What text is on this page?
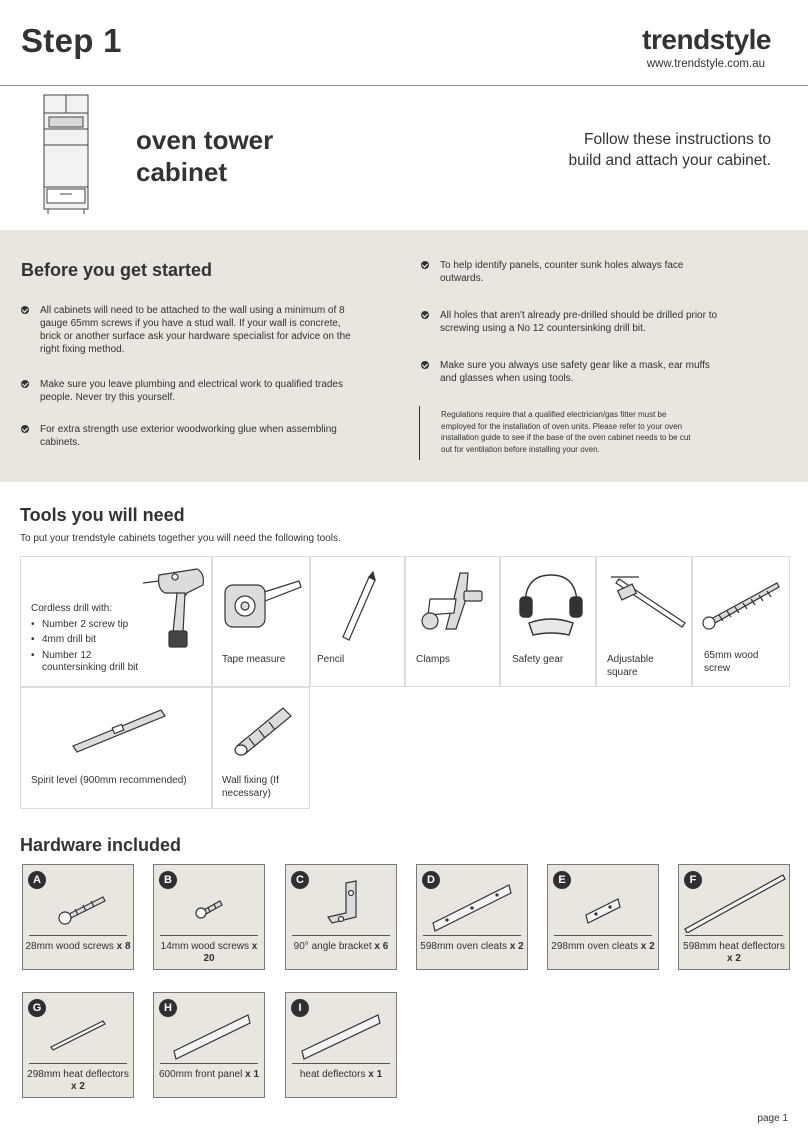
Step 1	trendstyle
www.trendstyle.com.au
oven tower
cabinet
Follow these instructions to
build and attach your cabinet.
Before you get started
All cabinets will need to be attached to the wall using a minimum of 8 gauge 65mm screws if you have a stud wall. If your wall is concrete, brick or another surface ask your hardware specialist for advice on the right fixing method.
Make sure you leave plumbing and electrical work to qualified trades people. Never try this yourself.
For extra strength use exterior woodworking glue when assembling cabinets.
To help identify panels, counter sunk holes always face outwards.
All holes that aren't already pre-drilled should be drilled prior to screwing using a No 12 countersinking drill bit.
Make sure you always use safety gear like a mask, ear muffs and glasses when using tools.
Regulations require that a qualified electrician/gas fitter must be employed for the installation of oven units. Please refer to your oven installation guide to see if the base of the oven cabinet needs to be cut out for ventilation before installing your oven.
Tools you will need
To put your trendstyle cabinets together you will need the following tools.
Cordless drill with:
• Number 2 screw tip
• 4mm drill bit
• Number 12 countersinking drill bit
Tape measure	Pencil	Clamps	Safety gear	Adjustable square
65mm wood screw
Spirit level (900mm recommended)	Wall fixing (If necessary)
Hardware included
A
28mm wood screws x 8
B
14mm wood screws x 20
C
90° angle bracket x 6
D
598mm oven cleats x 2
E
298mm oven cleats x 2
F
598mm heat deflectors x 2
G
298mm heat deflectors x 2
H
600mm front panel x 1
I
heat deflectors x 1
page 1
